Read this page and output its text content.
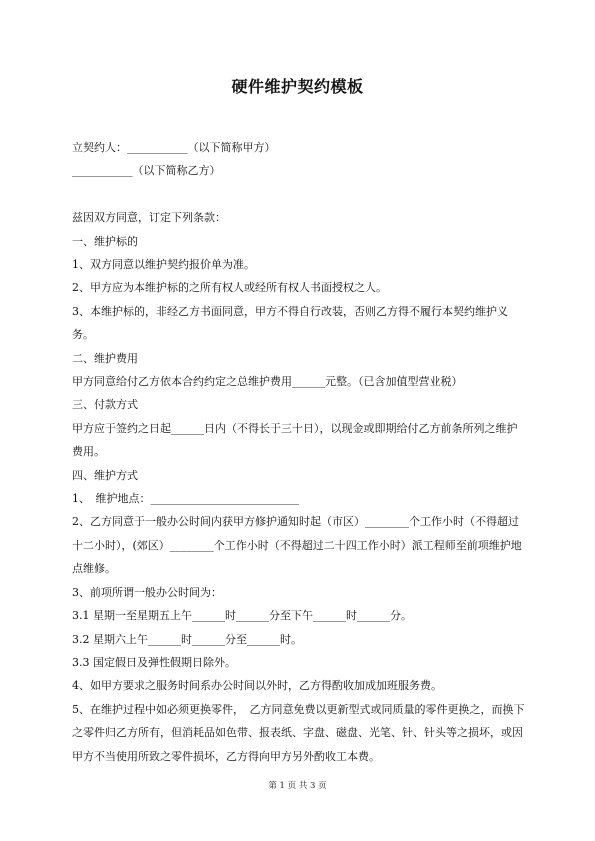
硬件维护契约模板
立契约人：___________（以下简称甲方）
___________（以下简称乙方）
兹因双方同意，订定下列条款：
一、维护标的
1、双方同意以维护契约报价单为准。
2、甲方应为本维护标的之所有权人或经所有权人书面授权之人。
3、本维护标的，非经乙方书面同意，甲方不得自行改装，否则乙方得不履行本契约维护义务。
二、维护费用
甲方同意给付乙方依本合约约定之总维护费用______元整。（已含加值型营业税）
三、付款方式
甲方应于签约之日起______日内（不得长于三十日），以现金或即期给付乙方前条所列之维护费用。
四、维护方式
1、　维护地点：___________________________
2、乙方同意于一般办公时间内获甲方修护通知时起（市区）________个工作小时（不得超过十二小时），(郊区）________个工作小时（不得超过二十四工作小时）派工程师至前项维护地点维修。
3、前项所谓一般办公时间为：
3.1 星期一至星期五上午______时______分至下午______时______分。
3.2 星期六上午______时______分至______时。
3.3 国定假日及弹性假期日除外。
4、如甲方要求之服务时间系办公时间以外时，乙方得酌收加成加班服务费。
5、在维护过程中如必须更换零件，　乙方同意免费以更新型式或同质量的零件更换之，而换下之零件归乙方所有，但消耗品如色带、报表纸、字盘、磁盘、光笔、针、针头等之损坏，或因甲方不当使用所致之零件损坏，乙方得向甲方另外酌收工本费。
第 1 页 共 3 页
